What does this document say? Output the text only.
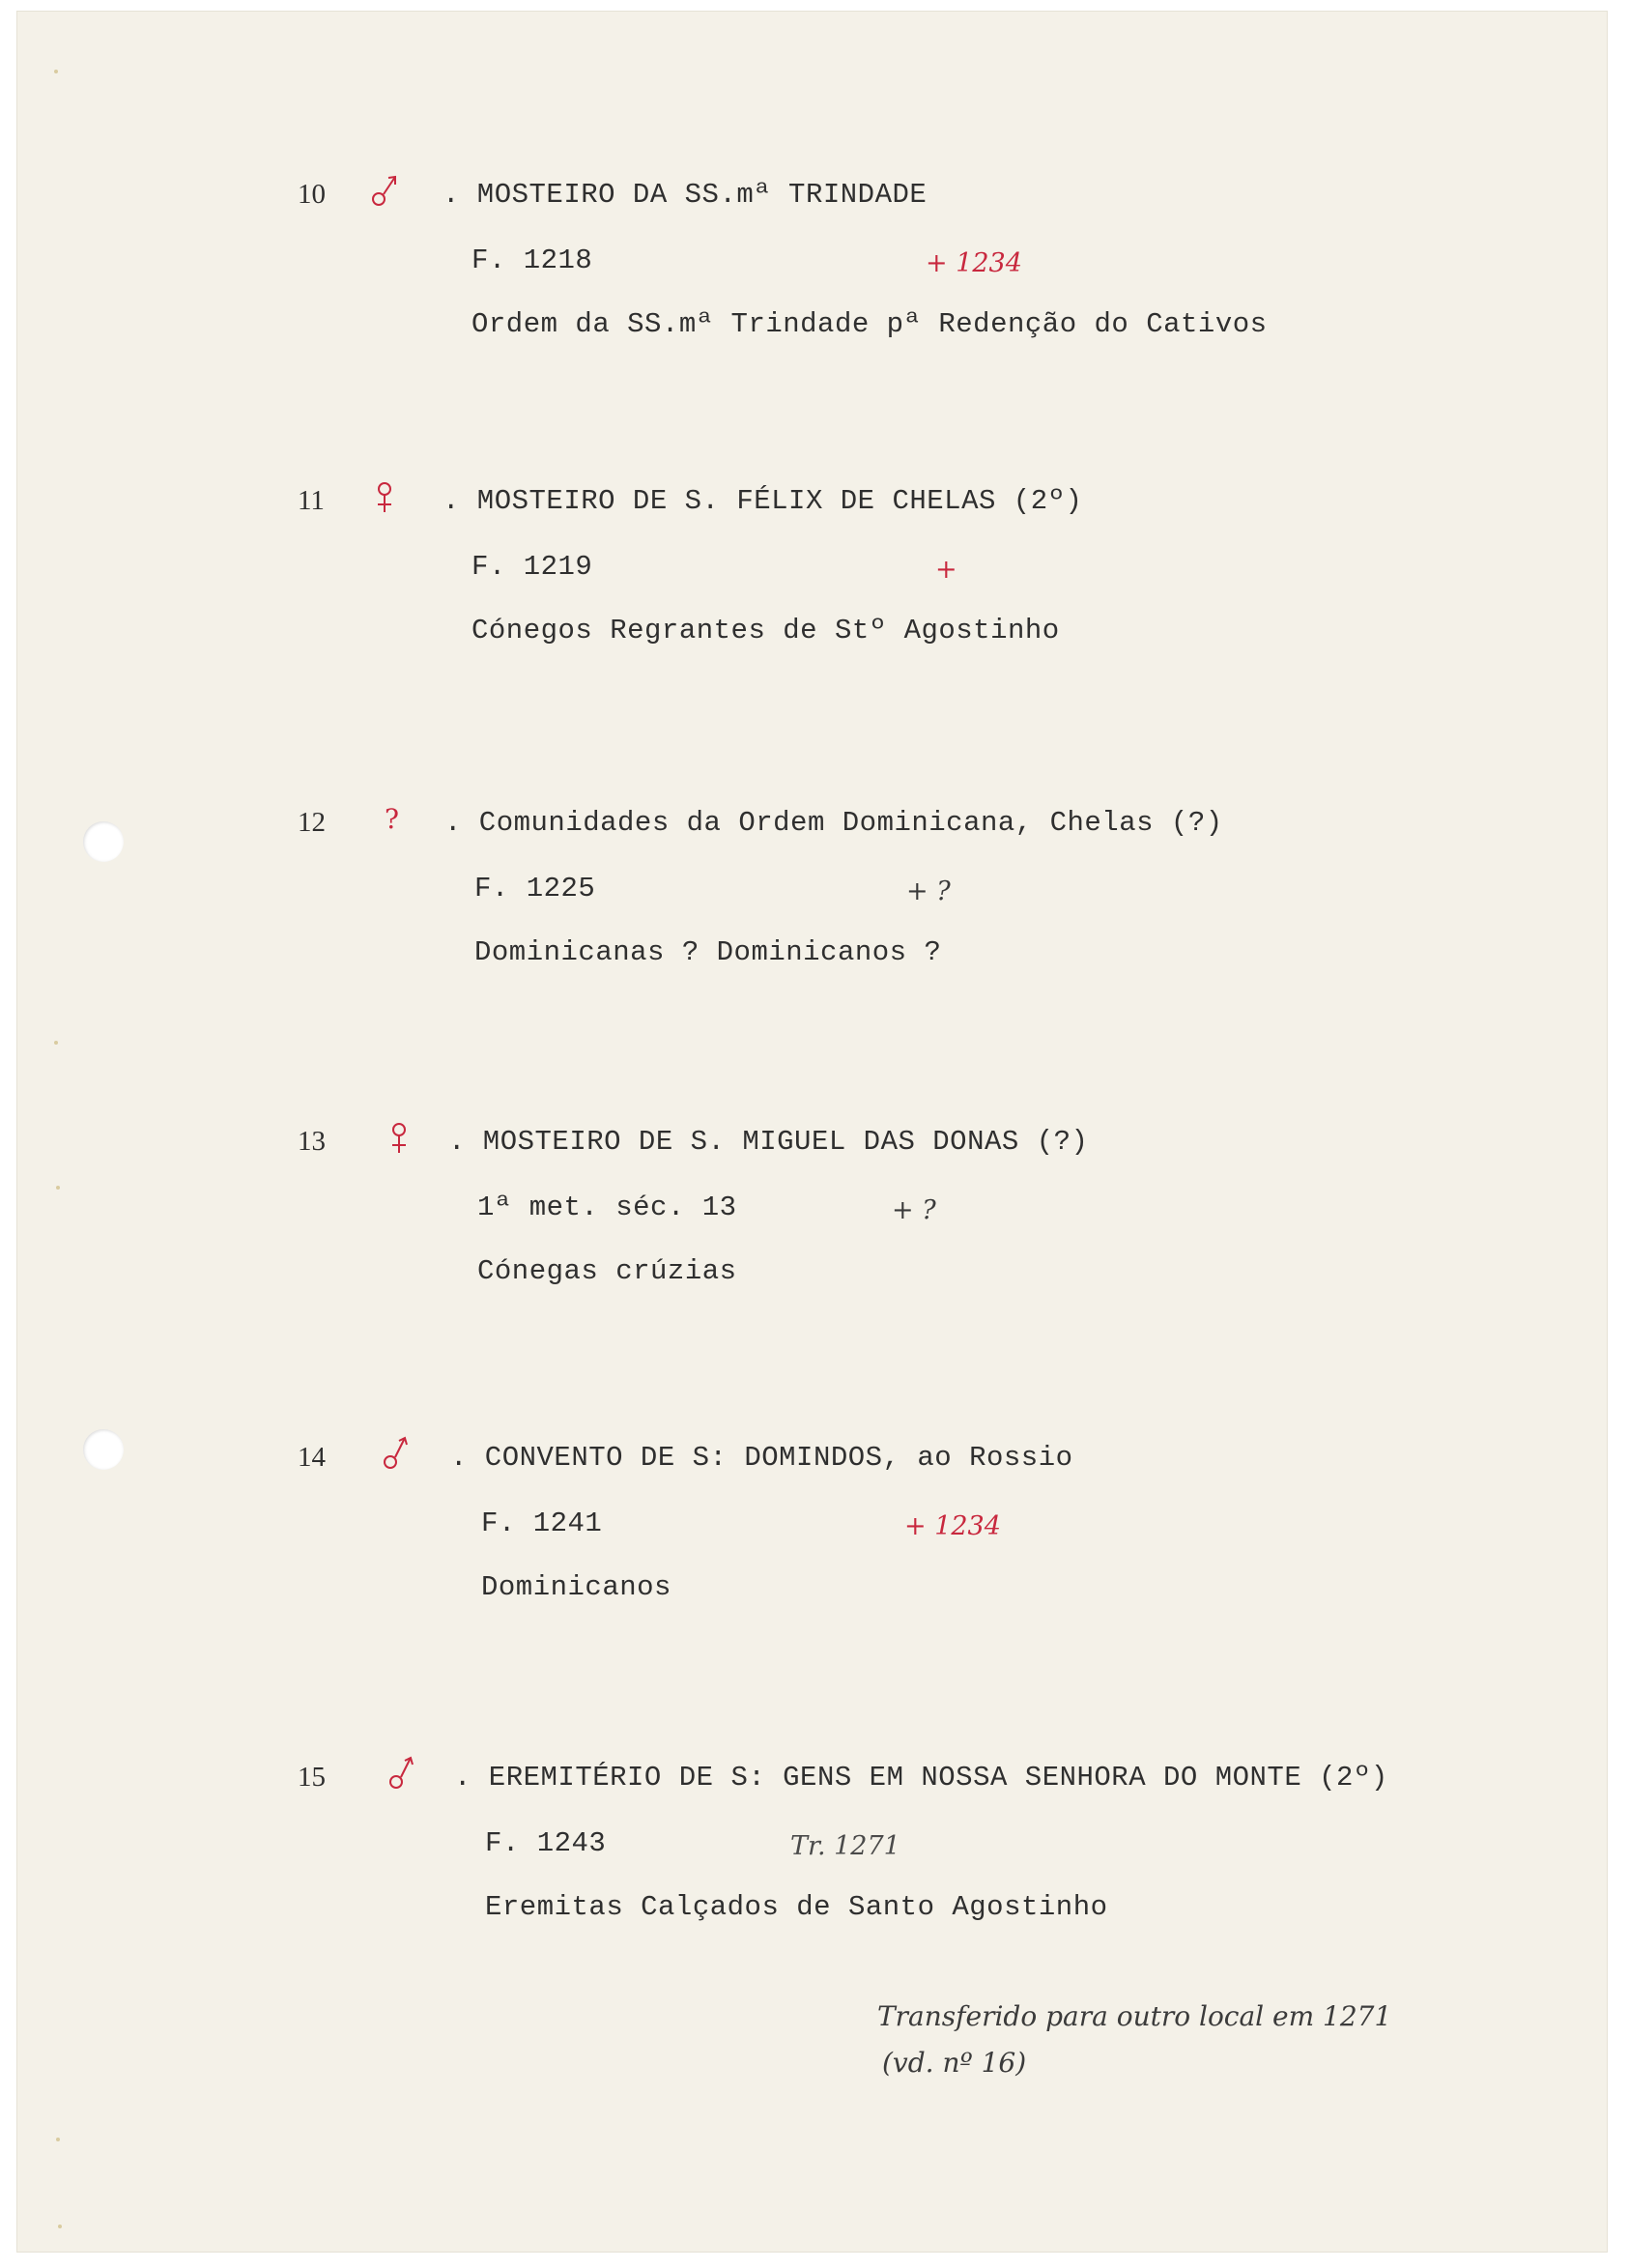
10	. MOSTEIRO DA SS.mª TRINDADE
F. 1218	+ 1234
Ordem da SS.mª Trindade pª Redenção do Cativos
11	. MOSTEIRO DE S. FÉLIX DE CHELAS (2º)
F. 1219	+
Cónegos Regrantes de Stº Agostinho
12 ?	. Comunidades da Ordem Dominicana, Chelas (?)
F. 1225	+ ?
Dominicanas ? Dominicanos ?
13	. MOSTEIRO DE S. MIGUEL DAS DONAS (?)
1ª met. séc. 13	+ ?
Cónegas crúzias
14	. CONVENTO DE S: DOMINDOS, ao Rossio
F. 1241	+ 1234
Dominicanos
15	. EREMITÉRIO DE S: GENS EM NOSSA SENHORA DO MONTE (2º)
F. 1243	Tr. 1271
Eremitas Calçados de Santo Agostinho
Transferido para outro local em 1271
(vd. nº 16)
